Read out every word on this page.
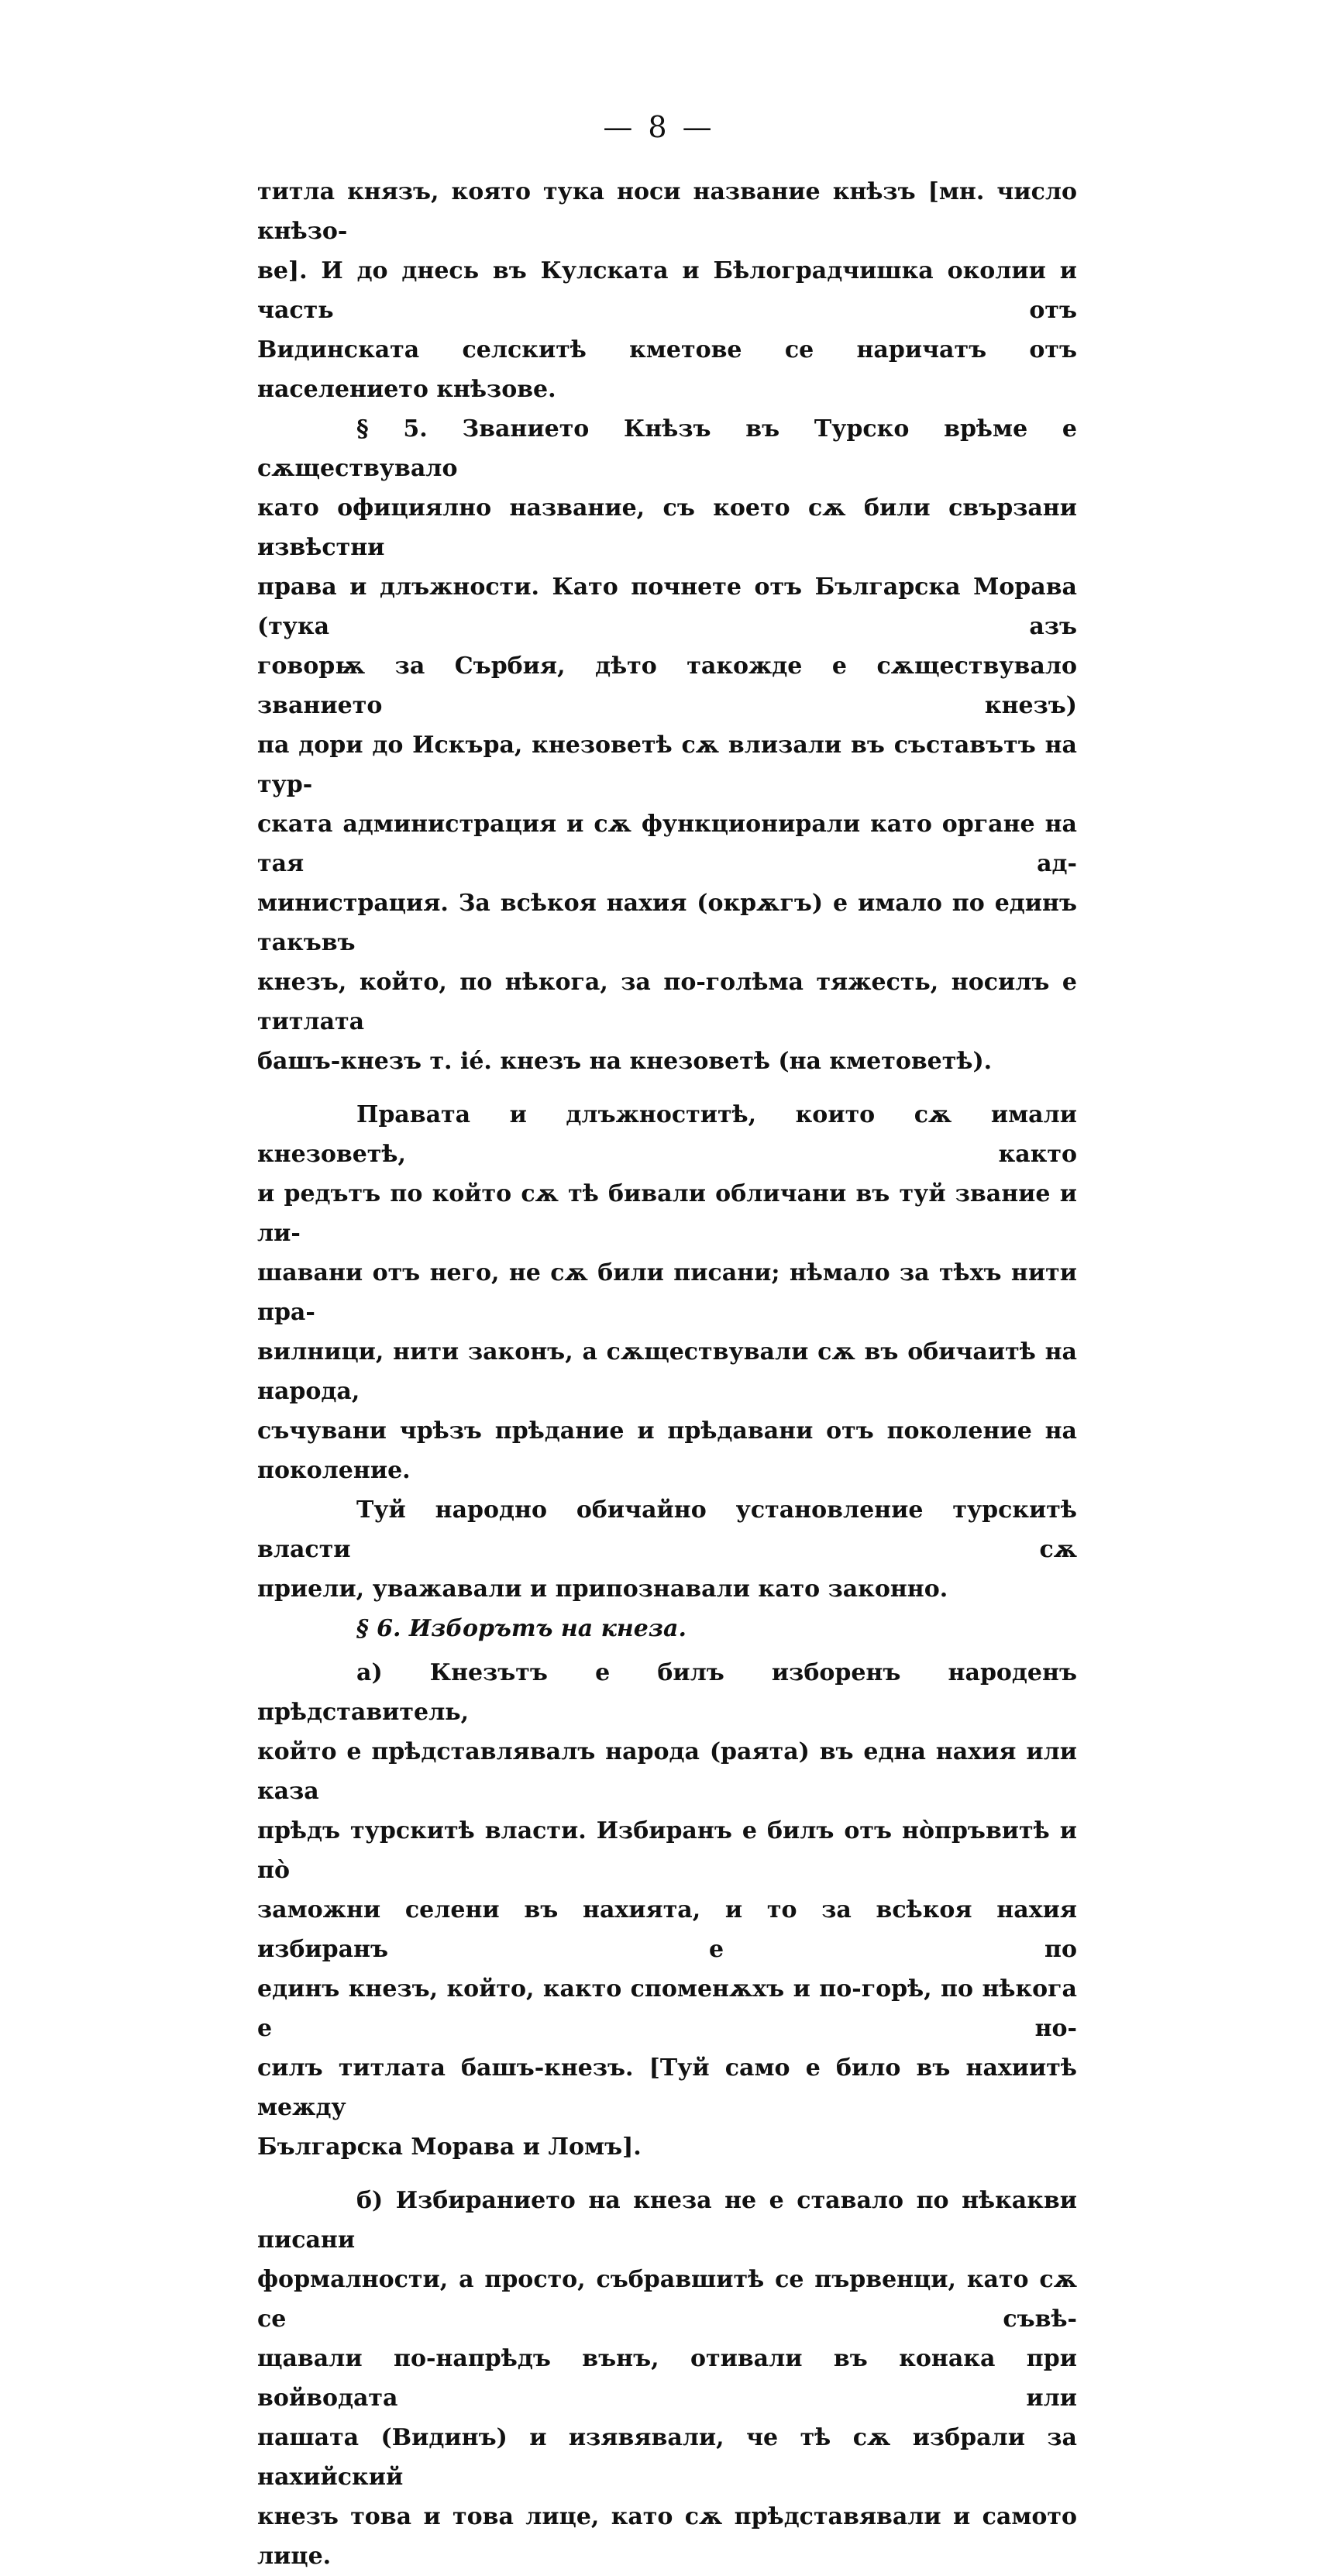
— 8 —

титла князъ, която тука носи название кнѣзъ [мн. число кнѣзо-

ве]. И до днесь въ Кулската и Бѣлоградчишка околии и часть отъ

Видинската селскитѣ кметове се наричатъ отъ населението кнѣзове.

§ 5. Званието Кнѣзъ въ Турско врѣме е сѫществувало

като официялно название, съ което сѫ били свързани извѣстни

права и длъжности. Като почнете отъ Българска Морава (тука азъ

говорѭ за Сърбия, дѣто такожде е сѫществувало званието кнезъ)

па дори до Искъра, кнезоветѣ сѫ влизали въ съставътъ на тур-

ската администрация и сѫ функционирали като органе на тая ад-

министрация. За всѣкоя нахия (окрѫгъ) е имало по единъ такъвъ

кнезъ, който, по нѣкога, за по-голѣма тяжесть, носилъ е титлата

башъ-кнезъ т. іé. кнезъ на кнезоветѣ (на кметоветѣ).

Правата и длъжноститѣ, които сѫ имали кнезоветѣ, както

и редътъ по който сѫ тѣ бивали обличани въ туй звание и ли-

шавани отъ него, не сѫ били писани; нѣмало за тѣхъ нити пра-

вилници, нити законъ, а сѫществували сѫ въ обичаитѣ на народа,

съчувани чрѣзъ прѣдание и прѣдавани отъ поколение на поколение.

Туй народно обичайно установление турскитѣ власти сѫ

приели, уважавали и припознавали като законно.

§ 6. Изборътъ на кнеза.

а) Кнезътъ е билъ изборенъ народенъ прѣдставитель,

който е прѣдставлявалъ народа (раята) въ една нахия или каза

прѣдъ турскитѣ власти. Избиранъ е билъ отъ нòпръвитѣ и пò

заможни селени въ нахията, и то за всѣкоя нахия избиранъ е по

единъ кнезъ, който, както споменѫхъ и по-горѣ, по нѣкога е но-

силъ титлата башъ-кнезъ. [Туй само е било въ нахиитѣ между

Българска Морава и Ломъ].

б) Избиранието на кнеза не е ставало по нѣкакви писани

формалности, а просто, събравшитѣ се първенци, като сѫ се съвѣ-

щавали по-напрѣдъ вънъ, отивали въ конака при войводата или

пашата (Видинъ) и изявявали, че тѣ сѫ избрали за нахийский

кнезъ това и това лице, като сѫ прѣдставявали и самото лице.
